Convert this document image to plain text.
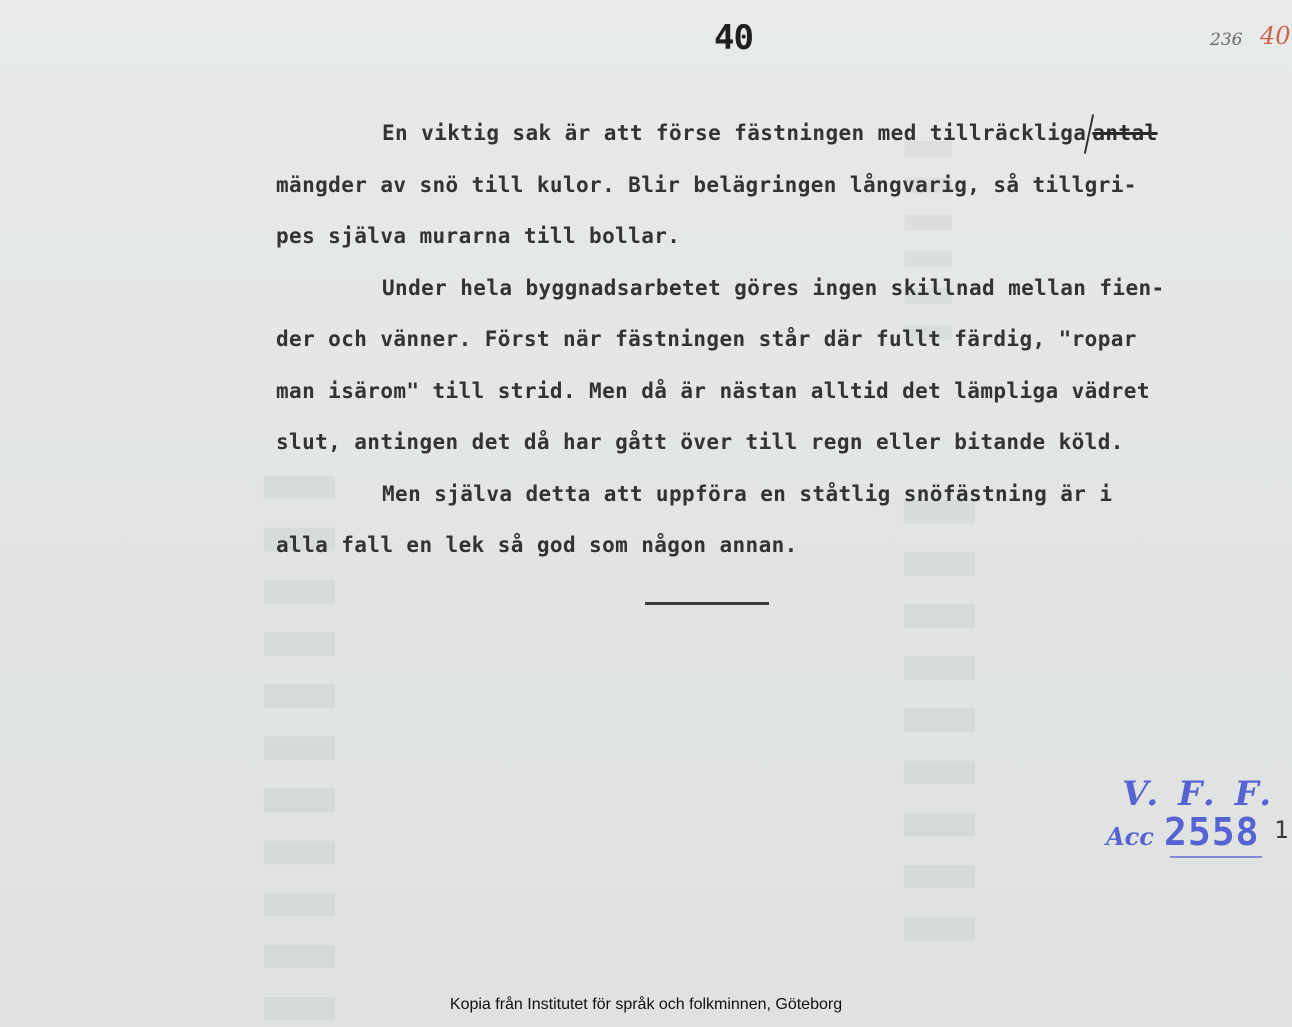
▌▌▌▌▌▌▌▌▌▌▌	▌▌▌▌▌▌▌▌▌
▌▌▌▌▌▌
40	236 40
En viktig sak är att förse fästningen med tillräckliga antal
mängder av snö till kulor. Blir belägringen långvarig, så tillgri-
pes själva murarna till bollar.
Under hela byggnadsarbetet göres ingen skillnad mellan fien-
der och vänner. Först när fästningen står där fullt färdig, "ropar
man isärom" till strid. Men då är nästan alltid det lämpliga vädret
slut, antingen det då har gått över till regn eller bitande köld.
Men själva detta att uppföra en ståtlig snöfästning är i
alla fall en lek så god som någon annan.
V. F. F.
Acc 2558 1
Kopia från Institutet för språk och folkminnen, Göteborg
